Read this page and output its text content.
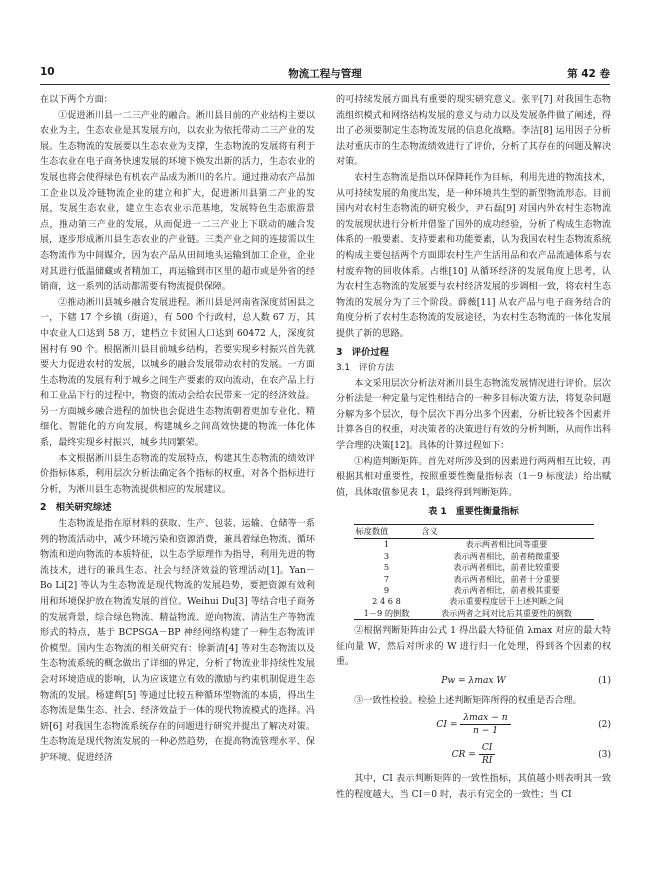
10	物流工程与管理	第 42 卷

在以下两个方面：

①促进淅川县一二三产业的融合。淅川县目前的产业结构主要以农业为主，生态农业是其发展方向，以农业为依托带动二三产业的发展。生态物流的发展要以生态农业为支撑，生态物流的发展将有利于生态农业在电子商务快速发展的环境下焕发出新的活力，生态农业的发展也将会使得绿色有机农产品成为淅川的名片。通过推动农产品加工企业以及冷链物流企业的建立和扩大，促进淅川县第二产业的发展，发展生态农业，建立生态农业示范基地，发展特色生态旅游景点，推动第三产业的发展，从而促进一二三产业上下联动的融合发展，逐步形成淅川县生态农业的产业链。三类产业之间的连接需以生态物流作为中间媒介，因为农产品从田间地头运输到加工企业，企业对其进行低温储藏或者精加工，再运输到市区里的超市或是外省的经销商，这一系列的活动都需要有物流提供保障。

②推动淅川县城乡融合发展进程。淅川县是河南省深度贫困县之一，下辖 17 个乡镇（街道），有 500 个行政村，总人数 67 万，其中农业人口达到 58 万，建档立卡贫困人口达到 60472 人，深度贫困村有 90 个。根据淅川县目前城乡结构，若要实现乡村振兴首先就要大力促进农村的发展，以城乡的融合发展带动农村的发展。一方面生态物流的发展有利于城乡之间生产要素的双向流动，在农产品上行和工业品下行的过程中，物资的流动会给农民带来一定的经济效益。另一方面城乡融合进程的加快也会促进生态物流朝着更加专业化、精细化、智能化的方向发展，构建城乡之间高效快捷的物流一体化体系，最终实现乡村振兴，城乡共同繁荣。

本文根据淅川县生态物流的发展特点，构建其生态物流的绩效评价指标体系，利用层次分析法确定各个指标的权重，对各个指标进行分析，为淅川县生态物流提供相应的发展建议。

2　相关研究综述

生态物流是指在原材料的获取、生产、包装、运输、仓储等一系列的物流活动中，减少环境污染和资源消费，兼具着绿色物流、循环物流和逆向物流的本质特征，以生态学原理作为指导，利用先进的物流技术，进行的兼具生态、社会与经济效益的管理活动[1]。Yan－Bo Li[2] 等认为生态物流是现代物流的发展趋势，要把资源有效利用和环境保护放在物流发展的首位。Weihui Du[3] 等结合电子商务的发展背景，综合绿色物流、精益物流、逆向物流、清洁生产等物流形式的特点，基于 BCPSGA－BP 神经网络构建了一种生态物流评价模型。国内生态物流的相关研究有：徐新清[4] 等对生态物流以及生态物流系统的概念做出了详细的界定，分析了物流业非持续性发展会对环境造成的影响，认为应该建立有效的激励与约束机制促进生态物流的发展。杨建辉[5] 等通过比较五种循环型物流的本质，得出生态物流是集生态、社会、经济效益于一体的现代物流模式的选择。冯妍[6] 对我国生态物流系统存在的问题进行研究并提出了解决对策。生态物流是现代物流发展的一种必然趋势，在提高物流管理水平、保护环境、促进经济

的可持续发展方面具有重要的现实研究意义。张平[7] 对我国生态物流组织模式和网络结构发展的意义与动力以及发展条件做了阐述，得出了必须要制定生态物流发展的信息化战略。李洁[8] 运用因子分析法对重庆市的生态物流绩效进行了评价，分析了其存在的问题及解决对策。

农村生态物流是指以环保降耗作为目标，利用先进的物流技术，从可持续发展的角度出发，是一种环境共生型的新型物流形态。目前国内对农村生态物流的研究极少，尹石磊[9] 对国内外农村生态物流的发展现状进行分析并借鉴了国外的成功经验，分析了构成生态物流体系的一般要素、支持要素和功能要素，认为我国农村生态物流系统的构成主要包括两个方面即农村生产生活用品和农产品流通体系与农村废弃物的回收体系。占维[10] 从循环经济的发展角度上思考，认为农村生态物流的发展要与农村经济发展的步调相一致，将农村生态物流的发展分为了三个阶段。薛薇[11] 从农产品与电子商务结合的角度分析了农村生态物流的发展途径，为农村生态物流的一体化发展提供了新的思路。

3　评价过程
3.1　评价方法

本文采用层次分析法对淅川县生态物流发展情况进行评价。层次分析法是一种定量与定性相结合的一种多目标决策方法，将复杂问题分解为多个层次，每个层次下再分出多个因素，分析比较各个因素并计算各自的权重，对决策者的决策进行有效的分析判断，从而作出科学合理的决策[12]。具体的计算过程如下：

①构造判断矩阵。首先对所涉及到的因素进行两两相互比较，再根据其相对重要性，按照重要性衡量指标表（1－9 标度法）给出赋值，具体取值参见表 1，最终得到判断矩阵。

表 1　重要性衡量指标
标度数值	含义
1	表示两者相比同等重要
3	表示两者相比，前者稍微重要
5	表示两者相比，前者比较重要
7	表示两者相比，前者十分重要
9	表示两者相比，前者极其重要
2 4 6 8	表示重要程度居于上述判断之间
1－9 的倒数	表示两者之间对比后其重要性的倒数

②根据判断矩阵由公式 1 得出最大特征值 λmax 对应的最大特征向量 W，然后对所求的 W 进行归一化处理，得到各个因素的权重。

Pw = λmax W	(1)

③一致性检验。检验上述判断矩阵所得的权重是否合理。

CI = $\frac{\lambda\max - n}{n - 1}$	(2)
CR = $\frac{CI}{RI}$	(3)

其中，CI 表示判断矩阵的一致性指标，其值越小则表明其一致性的程度越大，当 CI＝0 时，表示有完全的一致性；当 CI
